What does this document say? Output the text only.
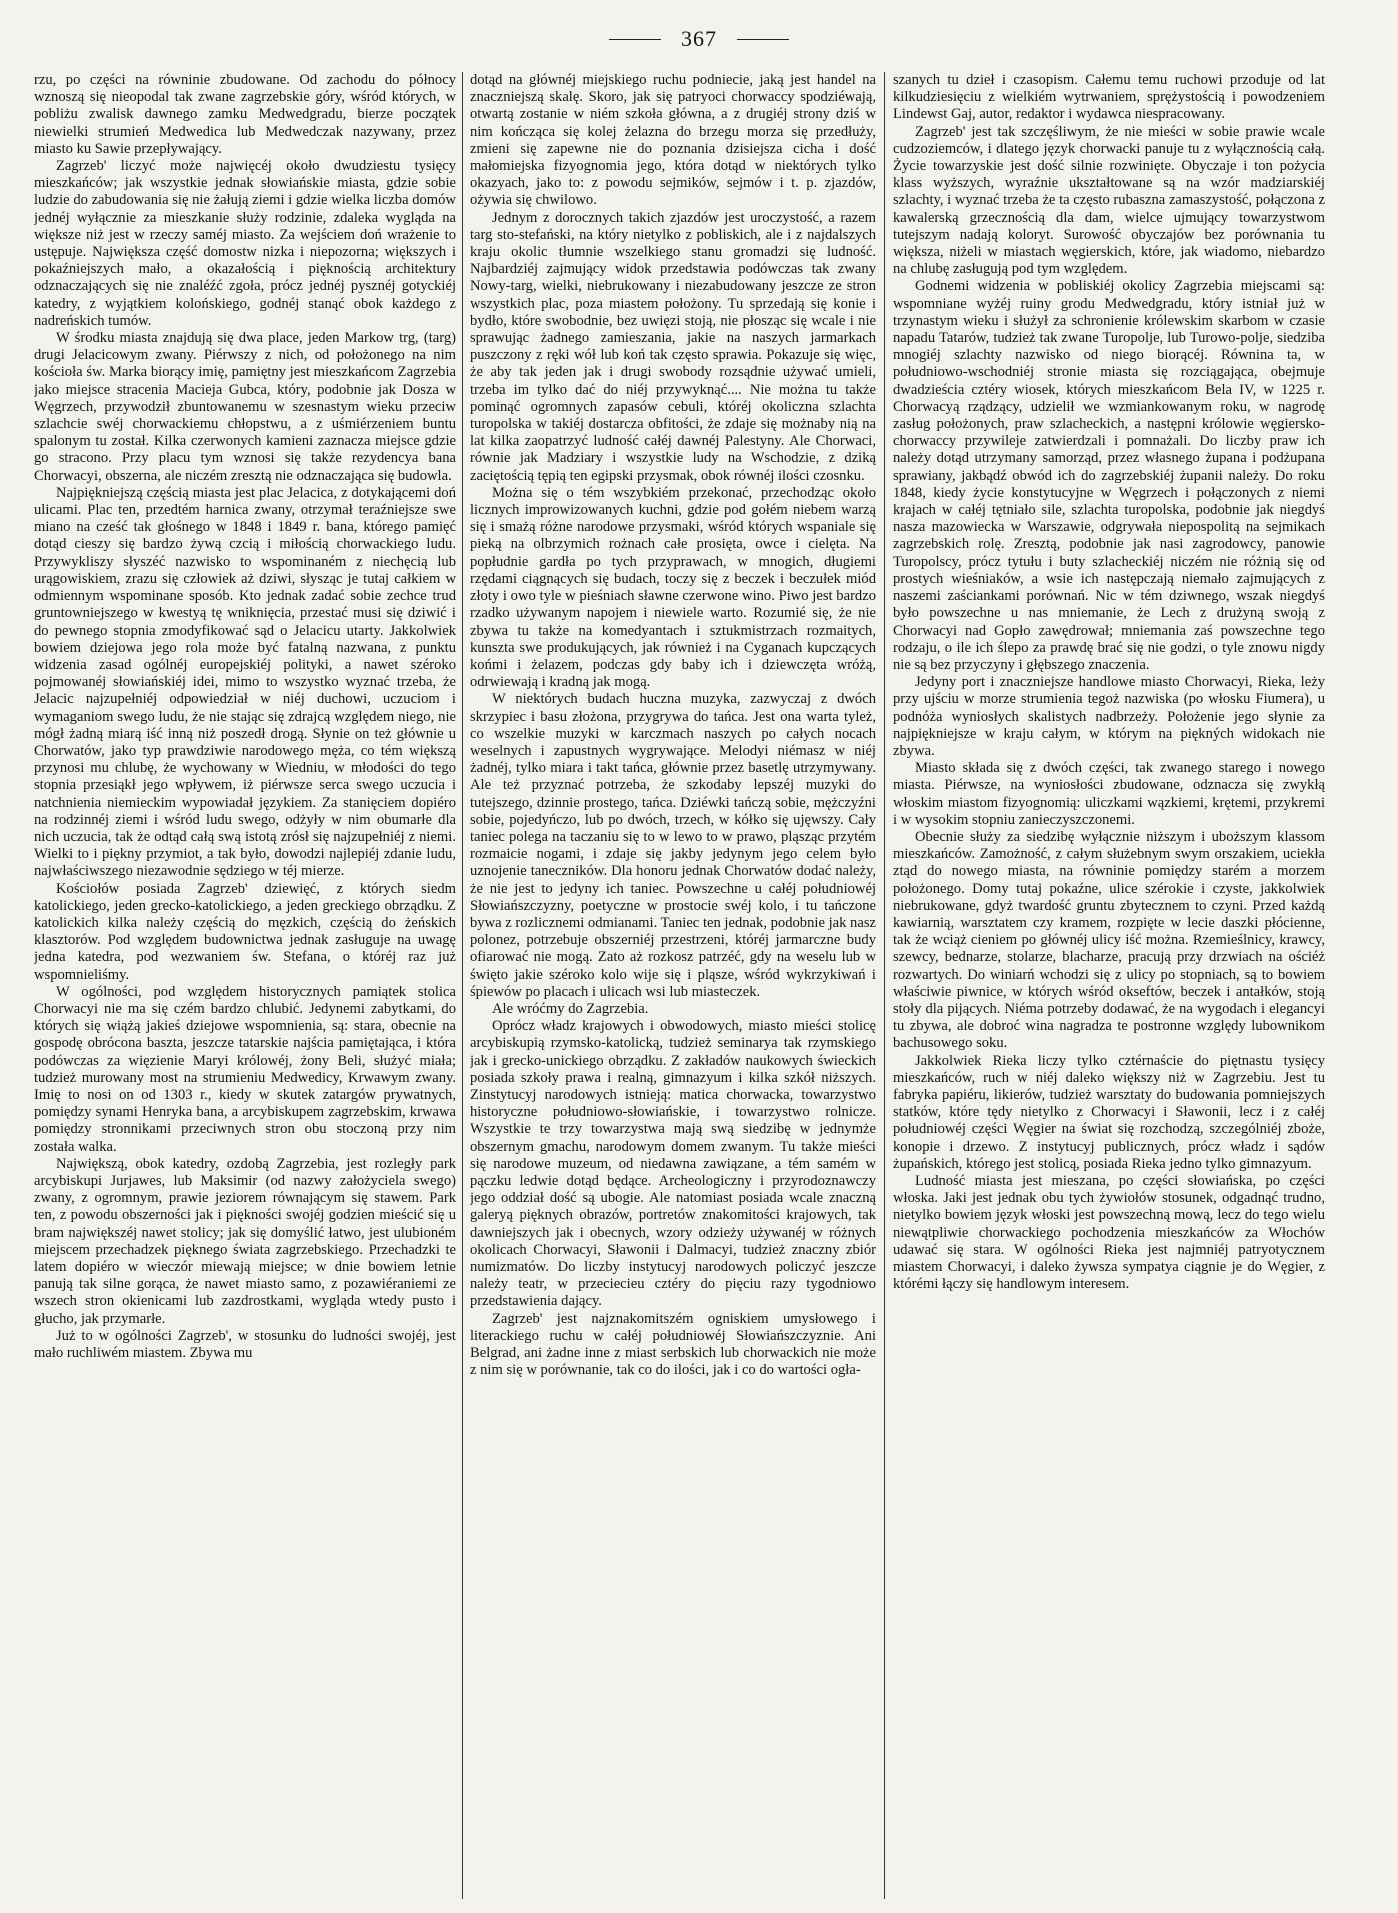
367

rzu, po części na równinie zbudowane. Od zachodu do północy wznoszą się nieopodal tak zwane zagrzebskie góry, wśród których, w pobliżu zwalisk dawnego zamku Medwedgradu, bierze początek niewielki strumień Medwedica lub Medwedczak nazywany, przez miasto ku Sawie przepływający.

Zagrzeb' liczyć może najwięcéj około dwudziestu tysięcy mieszkańców; jak wszystkie jednak słowiańskie miasta, gdzie sobie ludzie do zabudowania się nie żałują ziemi i gdzie wielka liczba domów jednéj wyłącznie za mieszkanie służy rodzinie, zdaleka wygląda na większe niż jest w rzeczy saméj miasto. Za wejściem doń wrażenie to ustępuje. Największa część domostw nizka i niepozorna; większych i pokaźniejszych mało, a okazałością i pięknością architektury odznaczających się nie znaléźć zgoła, prócz jednéj pysznéj gotyckiéj katedry, z wyjątkiem kolońskiego, godnéj stanąć obok każdego z nadreńskich tumów.

W środku miasta znajdują się dwa place, jeden Markow trg, (targ) drugi Jelacicowym zwany. Piérwszy z nich, od położonego na nim kościoła św. Marka biorący imię, pamiętny jest mieszkańcom Zagrzebia jako miejsce stracenia Macieja Gubca, który, podobnie jak Dosza w Węgrzech, przywodził zbuntowanemu w szesnastym wieku przeciw szlachcie swéj chorwackiemu chłopstwu, a z uśmiérzeniem buntu spalonym tu został. Kilka czerwonych kamieni zaznacza miejsce gdzie go stracono. Przy placu tym wznosi się także rezydencya bana Chorwacyi, obszerna, ale niczém zresztą nie odznaczająca się budowla.

Najpiękniejszą częścią miasta jest plac Jelacica, z dotykającemi doń ulicami. Plac ten, przedtém harnica zwany, otrzymał teraźniejsze swe miano na cześć tak głośnego w 1848 i 1849 r. bana, którego pamięć dotąd cieszy się bardzo żywą czcią i miłością chorwackiego ludu. Przywykliszy słyszéć nazwisko to wspominaném z niechęcią lub urągowiskiem, zrazu się człowiek aż dziwi, słysząc je tutaj całkiem w odmiennym wspominane sposób. Kto jednak zadać sobie zechce trud gruntowniejszego w kwestyą tę wniknięcia, przestać musi się dziwić i do pewnego stopnia zmodyfikować sąd o Jelacicu utarty. Jakkolwiek bowiem dziejowa jego rola może być fatalną nazwana, z punktu widzenia zasad ogólnéj europejskiéj polityki, a nawet széroko pojmowanéj słowiańskiéj idei, mimo to wszystko wyznać trzeba, że Jelacic najzupełniéj odpowiedział w niéj duchowi, uczuciom i wymaganiom swego ludu, że nie stając się zdrajcą względem niego, nie mógł żadną miarą iść inną niż poszedł drogą. Słynie on też głównie u Chorwatów, jako typ prawdziwie narodowego męża, co tém większą przynosi mu chlubę, że wychowany w Wiedniu, w młodości do tego stopnia przesiąkł jego wpływem, iż piérwsze serca swego uczucia i natchnienia niemieckim wypowiadał językiem. Za stanięciem dopiéro na rodzinnéj ziemi i wśród ludu swego, odżyły w nim obumarłe dla nich uczucia, tak że odtąd całą swą istotą zrósł się najzupełniéj z niemi. Wielki to i piękny przymiot, a tak było, dowodzi najlepiéj zdanie ludu, najwłaściwszego niezawodnie sędziego w téj mierze.

Kościołów posiada Zagrzeb' dziewięć, z których siedm katolickiego, jeden grecko-katolickiego, a jeden greckiego obrządku. Z katolickich kilka należy częścią do męzkich, częścią do żeńskich klasztorów. Pod względem budownictwa jednak zasługuje na uwagę jedna katedra, pod wezwaniem św. Stefana, o któréj raz już wspomnieliśmy.

W ogólności, pod względem historycznych pamiątek stolica Chorwacyi nie ma się czém bardzo chlubić. Jedynemi zabytkami, do których się wiążą jakieś dziejowe wspomnienia, są: stara, obecnie na gospodę obrócona baszta, jeszcze tatarskie najścia pamiętająca, i która podówczas za więzienie Maryi królowéj, żony Beli, służyć miała; tudzież murowany most na strumieniu Medwedicy, Krwawym zwany. Imię to nosi on od 1303 r., kiedy w skutek zatargów prywatnych, pomiędzy synami Henryka bana, a arcybiskupem zagrzebskim, krwawa pomiędzy stronnikami przeciwnych stron obu stoczoną przy nim została walka.

Największą, obok katedry, ozdobą Zagrzebia, jest rozległy park arcybiskupi Jurjawes, lub Maksimir (od nazwy założyciela swego) zwany, z ogromnym, prawie jeziorem równającym się stawem. Park ten, z powodu obszerności jak i piękności swojéj godzien mieścić się u bram największéj nawet stolicy; jak się domyślić łatwo, jest ulubioném miejscem przechadzek pięknego świata zagrzebskiego. Przechadzki te latem dopiéro w wieczór miewają miejsce; w dnie bowiem letnie panują tak silne gorąca, że nawet miasto samo, z pozawiéraniemi ze wszech stron okienicami lub zazdrostkami, wygląda wtedy pusto i głucho, jak przymarłe.

Już to w ogólności Zagrzeb', w stosunku do ludności swojéj, jest mało ruchliwém miastem. Zbywa mu

dotąd na głównéj miejskiego ruchu podniecie, jaką jest handel na znaczniejszą skalę. Skoro, jak się patryoci chorwaccy spodziéwają, otwartą zostanie w niém szkoła główna, a z drugiéj strony dziś w nim kończąca się kolej żelazna do brzegu morza się przedłuży, zmieni się zapewne nie do poznania dzisiejsza cicha i dość małomiejska fizyognomia jego, która dotąd w niektórych tylko okazyach, jako to: z powodu sejmików, sejmów i t. p. zjazdów, ożywia się chwilowo.

Jednym z dorocznych takich zjazdów jest uroczystość, a razem targ sto-stefański, na który nietylko z pobliskich, ale i z najdalszych kraju okolic tłumnie wszelkiego stanu gromadzi się ludność. Najbardziéj zajmujący widok przedstawia podówczas tak zwany Nowy-targ, wielki, niebrukowany i niezabudowany jeszcze ze stron wszystkich plac, poza miastem położony. Tu sprzedają się konie i bydło, które swobodnie, bez uwięzi stoją, nie płosząc się wcale i nie sprawując żadnego zamieszania, jakie na naszych jarmarkach puszczony z ręki wół lub koń tak często sprawia. Pokazuje się więc, że aby tak jeden jak i drugi swobody rozsądnie używać umieli, trzeba im tylko dać do niéj przywyknąć.... Nie można tu także pominąć ogromnych zapasów cebuli, któréj okoliczna szlachta turopolska w takiéj dostarcza obfitości, że zdaje się możnaby nią na lat kilka zaopatrzyć ludność całéj dawnéj Palestyny. Ale Chorwaci, równie jak Madziary i wszystkie ludy na Wschodzie, z dziką zaciętością tępią ten egipski przysmak, obok równéj ilości czosnku.

Można się o tém wszybkiém przekonać, przechodząc około licznych improwizowanych kuchni, gdzie pod gołém niebem warzą się i smażą różne narodowe przysmaki, wśród których wspaniale się pieką na olbrzymich rożnach całe prosięta, owce i cielęta. Na popłudnie gardła po tych przyprawach, w mnogich, długiemi rzędami ciągnących się budach, toczy się z beczek i beczułek miód złoty i owo tyle w pieśniach sławne czerwone wino. Piwo jest bardzo rzadko używanym napojem i niewiele warto. Rozumié się, że nie zbywa tu także na komedyantach i sztukmistrzach rozmaitych, kunszta swe produkujących, jak również i na Cyganach kupczących końmi i żelazem, podczas gdy baby ich i dziewczęta wróżą, odrwiewają i kradną jak mogą.

W niektórych budach huczna muzyka, zazwyczaj z dwóch skrzypiec i basu złożona, przygrywa do tańca. Jest ona warta tyleż, co wszelkie muzyki w karczmach naszych po całych nocach weselnych i zapustnych wygrywające. Melodyi niémasz w niéj żadnéj, tylko miara i takt tańca, głównie przez basetlę utrzymywany. Ale też przyznać potrzeba, że szkodaby lepszéj muzyki do tutejszego, dzinnie prostego, tańca. Dziéwki tańczą sobie, mężczyźni sobie, pojedyńczo, lub po dwóch, trzech, w kółko się ujęwszy. Cały taniec polega na taczaniu się to w lewo to w prawo, pląsząc przytém rozmaicie nogami, i zdaje się jakby jedynym jego celem było uznojenie taneczników. Dla honoru jednak Chorwatów dodać należy, że nie jest to jedyny ich taniec. Powszechne u całéj południowéj Słowiańszczyzny, poetyczne w prostocie swéj kolo, i tu tańczone bywa z rozlicznemi odmianami. Taniec ten jednak, podobnie jak nasz polonez, potrzebuje obszerniéj przestrzeni, któréj jarmarczne budy ofiarować nie mogą. Zato aż rozkosz patrzéć, gdy na weselu lub w święto jakie széroko kolo wije się i pląsze, wśród wykrzykiwań i śpiewów po placach i ulicach wsi lub miasteczek.

Ale wróćmy do Zagrzebia.

Oprócz władz krajowych i obwodowych, miasto mieści stolicę arcybiskupią rzymsko-katolicką, tudzież seminarya tak rzymskiego jak i grecko-unickiego obrządku. Z zakładów naukowych świeckich posiada szkoły prawa i realną, gimnazyum i kilka szkół niższych. Zinstytucyj narodowych istnieją: matica chorwacka, towarzystwo historyczne południowo-słowiańskie, i towarzystwo rolnicze. Wszystkie te trzy towarzystwa mają swą siedzibę w jednymże obszernym gmachu, narodowym domem zwanym. Tu także mieści się narodowe muzeum, od niedawna zawiązane, a tém samém w pączku ledwie dotąd będące. Archeologiczny i przyrodoznawczy jego oddział dość są ubogie. Ale natomiast posiada wcale znaczną galeryą pięknych obrazów, portretów znakomitości krajowych, tak dawniejszych jak i obecnych, wzory odzieży używanéj w różnych okolicach Chorwacyi, Sławonii i Dalmacyi, tudzież znaczny zbiór numizmatów. Do liczby instytucyj narodowych policzyć jeszcze należy teatr, w przeciecieu cztéry do pięciu razy tygodniowo przedstawienia dający.

Zagrzeb' jest najznakomitszém ogniskiem umysłowego i literackiego ruchu w całéj południowéj Słowiańszczyznie. Ani Belgrad, ani żadne inne z miast serbskich lub chorwackich nie może z nim się w porównanie, tak co do ilości, jak i co do wartości ogła-

szanych tu dzieł i czasopism. Całemu temu ruchowi przoduje od lat kilkudziesięciu z wielkiém wytrwaniem, sprężystością i powodzeniem Lindewst Gaj, autor, redaktor i wydawca niespracowany.

Zagrzeb' jest tak szczęśliwym, że nie mieści w sobie prawie wcale cudzoziemców, i dlatego język chorwacki panuje tu z wyłącznością całą. Życie towarzyskie jest dość silnie rozwinięte. Obyczaje i ton pożycia klass wyższych, wyraźnie ukształtowane są na wzór madziarskiéj szlachty, i wyznać trzeba że ta często rubaszna zamaszystość, połączona z kawalerską grzecznością dla dam, wielce ujmujący towarzystwom tutejszym nadają koloryt. Surowość obyczajów bez porównania tu większa, niżeli w miastach węgierskich, które, jak wiadomo, niebardzo na chlubę zasługują pod tym względem.

Godnemi widzenia w pobliskiéj okolicy Zagrzebia miejscami są: wspomniane wyżéj ruiny grodu Medwedgradu, który istniał już w trzynastym wieku i służył za schronienie królewskim skarbom w czasie napadu Tatarów, tudzież tak zwane Turopolje, lub Turowo-polje, siedziba mnogiéj szlachty nazwisko od niego biorącéj. Równina ta, w południowo-wschodniéj stronie miasta się rozciągająca, obejmuje dwadzieścia cztéry wiosek, których mieszkańcom Bela IV, w 1225 r. Chorwacyą rządzący, udzielił we wzmiankowanym roku, w nagrodę zasług położonych, praw szlacheckich, a następni królowie węgiersko-chorwaccy przywileje zatwierdzali i pomnażali. Do liczby praw ich należy dotąd utrzymany samorząd, przez własnego żupana i podżupana sprawiany, jakbądź obwód ich do zagrzebskiéj żupanii należy. Do roku 1848, kiedy życie konstytucyjne w Węgrzech i połączonych z niemi krajach w całéj tętniało sile, szlachta turopolska, podobnie jak niegdyś nasza mazowiecka w Warszawie, odgrywała niepospolitą na sejmikach zagrzebskich rolę. Zresztą, podobnie jak nasi zagrodowcy, panowie Turopolscy, prócz tytułu i buty szlacheckiéj niczém nie różnią się od prostych wieśniaków, a wsie ich następczają niemało zajmujących z naszemi zaściankami porównań. Nic w tém dziwnego, wszak niegdyś było powszechne u nas mniemanie, że Lech z drużyną swoją z Chorwacyi nad Gopło zawędrował; mniemania zaś powszechne tego rodzaju, o ile ich ślepo za prawdę brać się nie godzi, o tyle znowu nigdy nie są bez przyczyny i głębszego znaczenia.

Jedyny port i znaczniejsze handlowe miasto Chorwacyi, Rieka, leży przy ujściu w morze strumienia tegoż nazwiska (po włosku Fiumera), u podnóża wyniosłych skalistych nadbrzeży. Położenie jego słynie za najpiękniejsze w kraju całym, w którym na piękných widokach nie zbywa.

Miasto składa się z dwóch części, tak zwanego starego i nowego miasta. Piérwsze, na wyniosłości zbudowane, odznacza się zwykłą włoskim miastom fizyognomią: uliczkami wązkiemi, krętemi, przykremi i w wysokim stopniu zanieczyszczonemi.

Obecnie służy za siedzibę wyłącznie niższym i uboższym klassom mieszkańców. Zamożność, z całym służebnym swym orszakiem, uciekła ztąd do nowego miasta, na równinie pomiędzy starém a morzem położonego. Domy tutaj pokaźne, ulice szérokie i czyste, jakkolwiek niebrukowane, gdyż twardość gruntu zbytecznem to czyni. Przed każdą kawiarnią, warsztatem czy kramem, rozpięte w lecie daszki płócienne, tak że wciąż cieniem po głównéj ulicy iść można. Rzemieślnicy, krawcy, szewcy, bednarze, stolarze, blacharze, pracują przy drzwiach na ościéż rozwartych. Do winiarń wchodzi się z ulicy po stopniach, są to bowiem właściwie piwnice, w których wśród okseftów, beczek i antałków, stoją stoły dla pijących. Niéma potrzeby dodawać, że na wygodach i elegancyi tu zbywa, ale dobroć wina nagradza te postronne względy lubownikom bachusowego soku.

Jakkolwiek Rieka liczy tylko cztérnaście do piętnastu tysięcy mieszkańców, ruch w niéj daleko większy niż w Zagrzebiu. Jest tu fabryka papiéru, likierów, tudzież warsztaty do budowania pomniejszych statków, które tędy nietylko z Chorwacyi i Sławonii, lecz i z całéj południowéj części Węgier na świat się rozchodzą, szczególniéj zboże, konopie i drzewo. Z instytucyj publicznych, prócz władz i sądów żupańskich, którego jest stolicą, posiada Rieka jedno tylko gimnazyum.

Ludność miasta jest mieszana, po części słowiańska, po części włoska. Jaki jest jednak obu tych żywiołów stosunek, odgadnąć trudno, nietylko bowiem język włoski jest powszechną mową, lecz do tego wielu niewątpliwie chorwackiego pochodzenia mieszkańców za Włochów udawać się stara. W ogólności Rieka jest najmniéj patryotycznem miastem Chorwacyi, i daleko żywsza sympatya ciągnie je do Węgier, z którémi łączy się handlowym interesem.
